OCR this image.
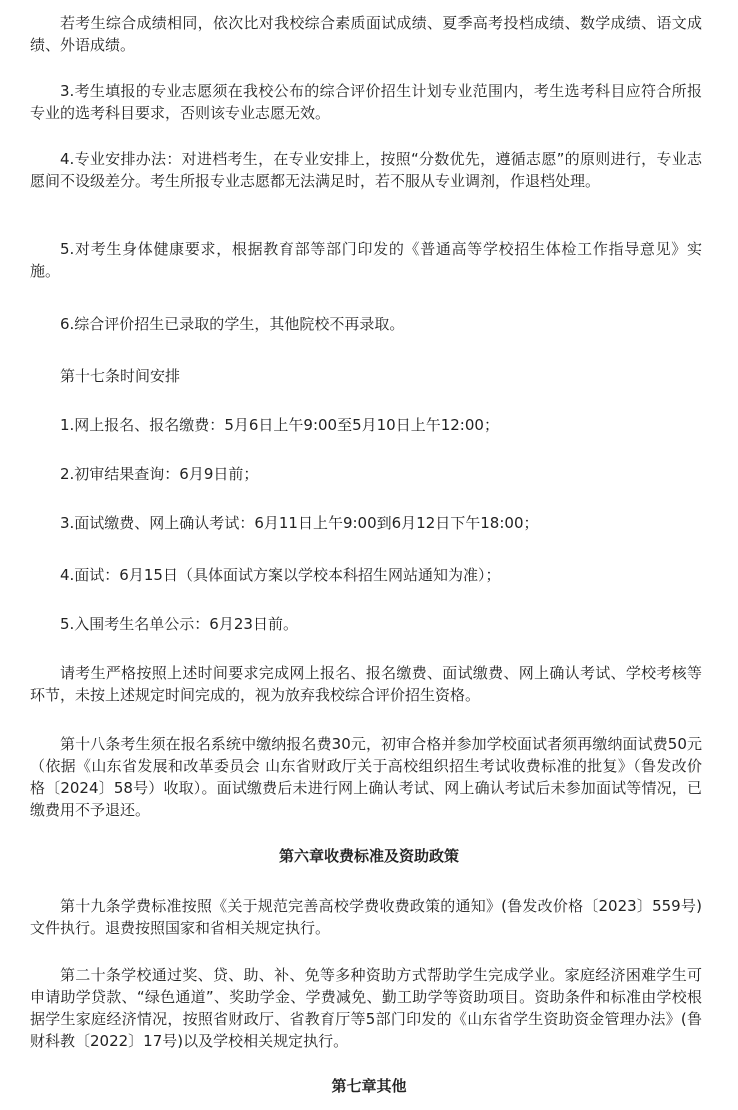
若考生综合成绩相同，依次比对我校综合素质面试成绩、夏季高考投档成绩、数学成绩、语文成绩、外语成绩。

3.考生填报的专业志愿须在我校公布的综合评价招生计划专业范围内，考生选考科目应符合所报专业的选考科目要求，否则该专业志愿无效。

4.专业安排办法：对进档考生，在专业安排上，按照“分数优先，遵循志愿”的原则进行，专业志愿间不设级差分。考生所报专业志愿都无法满足时，若不服从专业调剂，作退档处理。

5.对考生身体健康要求，根据教育部等部门印发的《普通高等学校招生体检工作指导意见》实施。

6.综合评价招生已录取的学生，其他院校不再录取。

第十七条时间安排

1.网上报名、报名缴费：5月6日上午9:00至5月10日上午12:00；

2.初审结果查询：6月9日前；

3.面试缴费、网上确认考试：6月11日上午9:00到6月12日下午18:00；

4.面试：6月15日（具体面试方案以学校本科招生网站通知为准）；

5.入围考生名单公示：6月23日前。

请考生严格按照上述时间要求完成网上报名、报名缴费、面试缴费、网上确认考试、学校考核等环节，未按上述规定时间完成的，视为放弃我校综合评价招生资格。

第十八条考生须在报名系统中缴纳报名费30元，初审合格并参加学校面试者须再缴纳面试费50元（依据《山东省发展和改革委员会 山东省财政厅关于高校组织招生考试收费标准的批复》（鲁发改价格〔2024〕58号）收取）。面试缴费后未进行网上确认考试、网上确认考试后未参加面试等情况，已缴费用不予退还。

第六章收费标准及资助政策

第十九条学费标准按照《关于规范完善高校学费收费政策的通知》(鲁发改价格〔2023〕559号)文件执行。退费按照国家和省相关规定执行。

第二十条学校通过奖、贷、助、补、免等多种资助方式帮助学生完成学业。家庭经济困难学生可申请助学贷款、“绿色通道”、奖助学金、学费减免、勤工助学等资助项目。资助条件和标准由学校根据学生家庭经济情况，按照省财政厅、省教育厅等5部门印发的《山东省学生资助资金管理办法》(鲁财科教〔2022〕17号)以及学校相关规定执行。

第七章其他
